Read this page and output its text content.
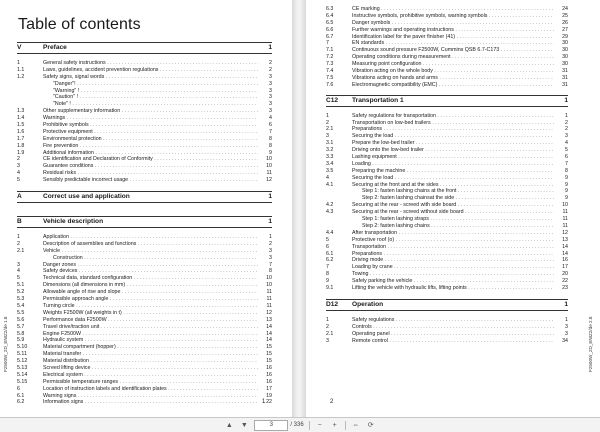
Table of contents
V	Preface	1
1	General safety instructions . . .	2
1.1	Laws, guidelines, accident prevention regulations . . .	2
1.2	Safety signs, signal words . . .	3
"Danger"! . . .	3
"Warning" ! . . .	3
"Caution" ! . . .	3
"Note" ! . . .	3
1.3	Other supplementary information . . .	3
1.4	Warnings . . .	4
1.5	Prohibitive symbols . . .	6
1.6	Protective equipment . . .	7
1.7	Environmental protection . . .	8
1.8	Fire prevention . . .	8
1.9	Additional information . . .	9
2	CE identification and Declaration of Conformity . . .	10
3	Guarantee conditions . . .	10
4	Residual risks . . .	11
5	Sensibly predictable incorrect usage . . .	12
A	Correct use and application	1
B	Vehicle description	1
1	Application . . .	1
2	Description of assemblies and functions . . .	2
2.1	Vehicle . . .	3
Construction . . .	3
3	Danger zones . . .	7
4	Safety devices . . .	8
5	Technical data, standard configuration . . .	10
5.1	Dimensions (all dimensions in mm) . . .	10
5.2	Allowable angle of rise and slope . . .	11
5.3	Permissible approach angle . . .	11
5.4	Turning circle . . .	11
5.5	Weights F2500W (all weights in t) . . .	12
5.6	Performance data F2500W . . .	13
5.7	Travel drive/traction unit . . .	14
5.8	Engine F2500W . . .	14
5.9	Hydraulic system . . .	14
5.10	Material compartment (hopper) . . .	15
5.11	Material transfer . . .	15
5.12	Material distribution . . .	15
5.13	Screed lifting device . . .	16
5.14	Electrical system . . .	16
5.15	Permissible temperature ranges . . .	16
6	Location of instruction labels and identification plates . . .	17
6.1	Warning signs . . .	19
6.2	Information signs . . .	22
1
F2500W_2D_ENIZ2/de 1.8
6.3	CE marking . . .	24
6.4	Instructive symbols, prohibitive symbols, warning symbols . . .	25
6.5	Danger symbols . . .	26
6.6	Further warnings and operating instructions . . .	27
6.7	Identification label for the paver finisher (41) . . .	29
7	EN standards . . .	30
7.1	Continuous sound pressure F2500W, Cummins QSB 6.7-C173 . . .	30
7.2	Operating conditions during measurement . . .	30
7.3	Measuring point configuration . . .	30
7.4	Vibration acting on the whole body . . .	31
7.5	Vibrations acting on hands and arms . . .	31
7.6	Electromagnetic compatibility (EMC) . . .	31
C12	Transportation 1	1
1	Safety regulations for transportation . . .	1
2	Transportation on low-bed trailers . . .	2
2.1	Preparations . . .	2
3	Securing the load . . .	3
3.1	Prepare the low-bed trailer . . .	4
3.2	Driving onto the low-bed trailer . . .	5
3.3	Lashing equipment . . .	6
3.4	Loading . . .	7
3.5	Preparing the machine . . .	8
4	Securing the load . . .	9
4.1	Securing at the front and at the sides . . .	9
Step 1: fasten lashing chains at the front . . .	9
Step 2: fasten lashing chainsat the side . . .	9
4.2	Securing at the rear - screed with side board . . .	10
4.3	Securing at the rear - screed without side board . . .	11
Step 1: fasten lashing straps . . .	11
Step 2: fasten lashing chains . . .	11
4.4	After transportation . . .	12
5	Protective roof (o) . . .	13
6	Transportation . . .	14
6.1	Preparations . . .	14
6.2	Driving mode . . .	16
7	Loading by crane . . .	17
8	Towing . . .	20
9	Safely parking the vehicle . . .	22
9.1	Lifting the vehicle with hydraulic lifts, lifting points . . .	23
D12	Operation	1
1	Safety regulations . . .	1
2	Controls . . .	3
2.1	Operating panel . . .	3
3	Remote control . . .	34
2
F2500W_2D_ENIZ2/de 2.8
▲ ▼	3	/ 336	−	+	⇔ ⟳
